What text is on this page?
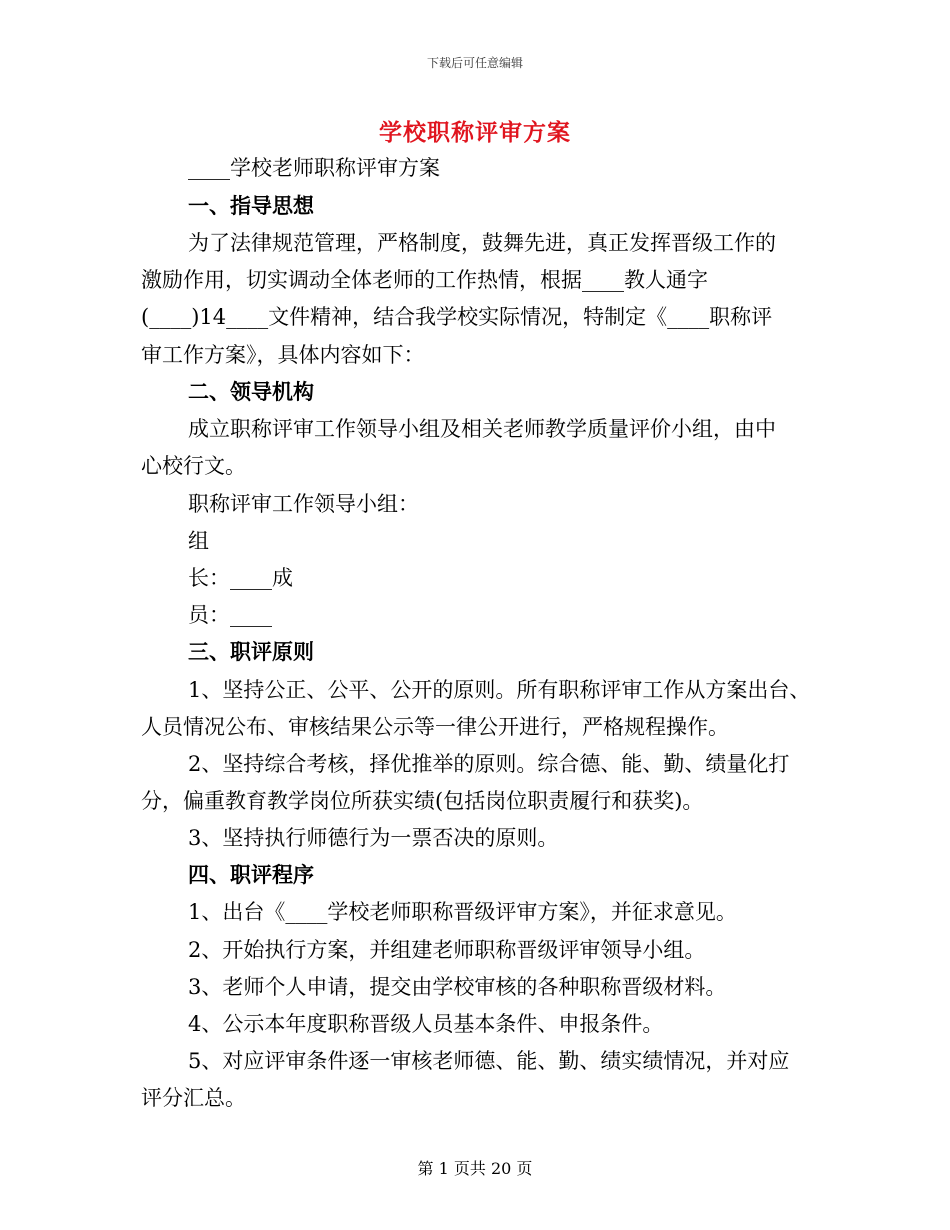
下载后可任意编辑
学校职称评审方案
____学校老师职称评审方案
一、指导思想
为了法律规范管理，严格制度，鼓舞先进，真正发挥晋级工作的
激励作用，切实调动全体老师的工作热情，根据____教人通字
(____)14____文件精神，结合我学校实际情况，特制定《____职称评
审工作方案》，具体内容如下：
二、领导机构
成立职称评审工作领导小组及相关老师教学质量评价小组，由中
心校行文。
职称评审工作领导小组：
组
长：____成
员：____
三、职评原则
1、坚持公正、公平、公开的原则。所有职称评审工作从方案出台、
人员情况公布、审核结果公示等一律公开进行，严格规程操作。
2、坚持综合考核，择优推举的原则。综合德、能、勤、绩量化打
分，偏重教育教学岗位所获实绩(包括岗位职责履行和获奖)。
3、坚持执行师德行为一票否决的原则。
四、职评程序
1、出台《____学校老师职称晋级评审方案》，并征求意见。
2、开始执行方案，并组建老师职称晋级评审领导小组。
3、老师个人申请，提交由学校审核的各种职称晋级材料。
4、公示本年度职称晋级人员基本条件、申报条件。
5、对应评审条件逐一审核老师德、能、勤、绩实绩情况，并对应
评分汇总。
第 1 页共 20 页
